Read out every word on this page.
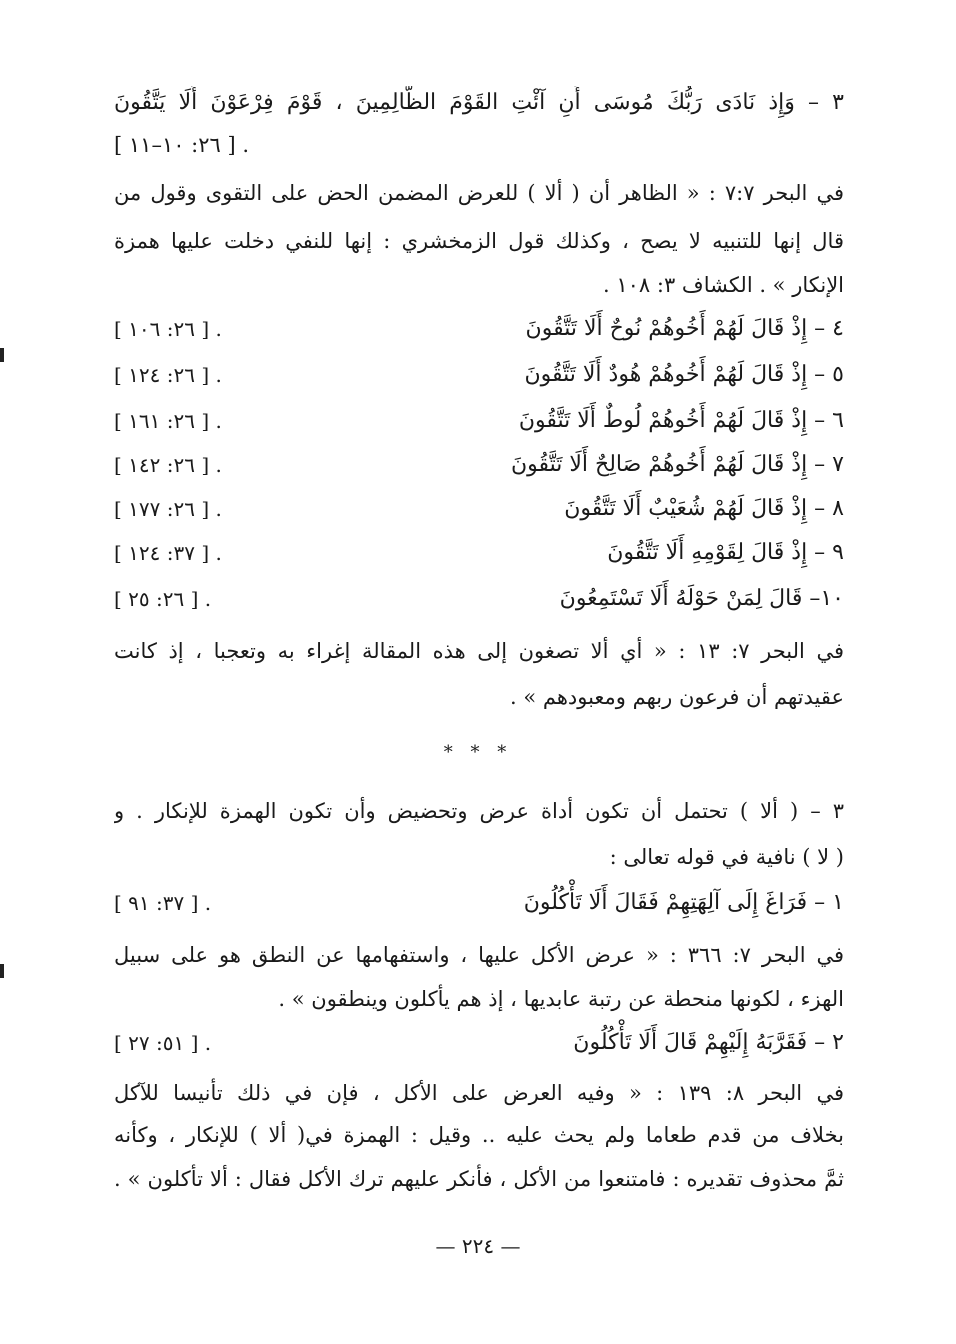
٣ – وَإِذ نَادَى رَبُّكَ مُوسَى أَنِ آئْتِ القَوْمَ الظَّالِمِينَ ، قَوْمَ فِرْعَوْنَ أَلَا يَتَّقُونَ
. [ ٢٦: ١٠–١١ ]
في البحر ٧:٧ : « الظاهر أن ( ألا ) للعرض المضمن الحض على التقوى وقول من
قال إنها للتنبيه لا يصح ، وكذلك قول الزمخشري : إنها للنفي دخلت عليها همزة
الإنكار » . الكشاف ٣: ١٠٨ .
٤ – إِذْ قَالَ لَهُمْ أَخُوهُمْ نُوحٌ أَلَا تَتَّقُونَ
. [ ٢٦: ١٠٦ ]
٥ – إِذْ قَالَ لَهُمْ أَخُوهُمْ هُودٌ أَلَا تَتَّقُونَ
. [ ٢٦: ١٢٤ ]
٦ – إِذْ قَالَ لَهُمْ أَخُوهُمْ لُوطٌ أَلَا تَتَّقُونَ
. [ ٢٦: ١٦١ ]
٧ – إِذْ قَالَ لَهُمْ أَخُوهُمْ صَالِحٌ أَلَا تَتَّقُونَ
. [ ٢٦: ١٤٢ ]
٨ – إِذْ قَالَ لَهُمْ شُعَيْبٌ أَلَا تَتَّقُونَ
. [ ٢٦: ١٧٧ ]
٩ – إِذْ قَالَ لِقَوْمِهِ أَلَا تَتَّقُونَ
. [ ٣٧: ١٢٤ ]
١٠– قَالَ لِمَنْ حَوْلَهُ أَلَا تَسْتَمِعُونَ
. [ ٢٦: ٢٥ ]
في البحر ٧: ١٣ : « أي ألا تصغون إلى هذه المقالة إغراء به وتعجبا ، إذ كانت
عقيدتهم أن فرعون ربهم ومعبودهم » .
* * *
٣ – ( ألا ) تحتمل أن تكون أداة عرض وتحضيض وأن تكون الهمزة للإنكار . و
( لا ) نافية في قوله تعالى :
١ – فَرَاغَ إِلَى آلِهَتِهِمْ فَقَالَ أَلَا تَأْكُلُونَ
. [ ٣٧: ٩١ ]
في البحر ٧: ٣٦٦ : « عرض الأكل عليها ، واستفهامها عن النطق هو على سبيل
الهزء ، لكونها منحطة عن رتبة عابديها ، إذ هم يأكلون وينطقون » .
٢ – فَقَرَّبَهُ إِلَيْهِمْ قَالَ أَلَا تَأْكُلُونَ
. [ ٥١: ٢٧ ]
في البحر ٨: ١٣٩ : « وفيه العرض على الأكل ، فإن في ذلك تأنيسا للآكل
بخلاف من قدم طعاما ولم يحث عليه .. وقيل : الهمزة في( ألا ) للإنكار ، وكأنه
ثمَّ محذوف تقديره : فامتنعوا من الأكل ، فأنكر عليهم ترك الأكل فقال : ألا تأكلون » .
— ٢٢٤ —
